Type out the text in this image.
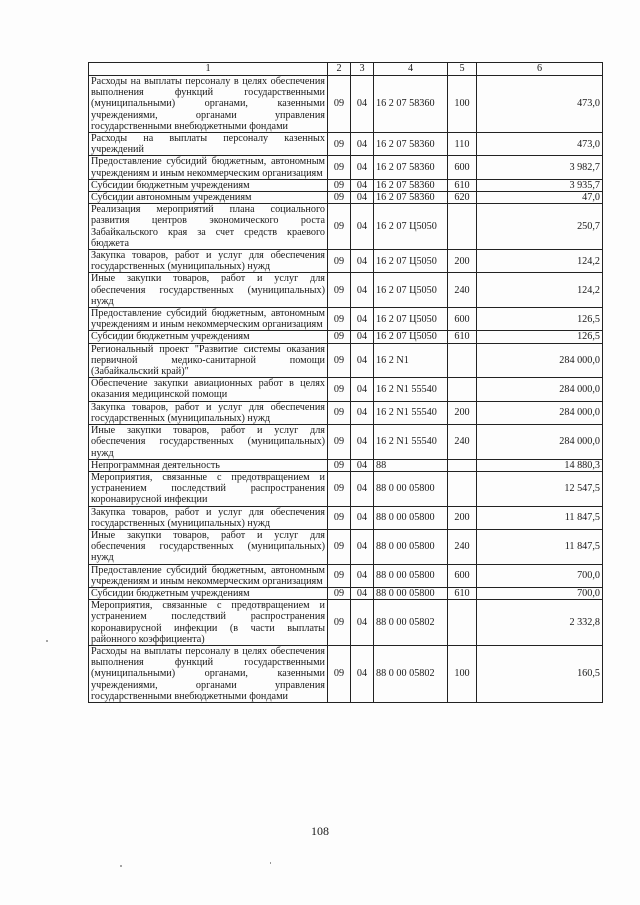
1	2	3	4	5	6
Расходы на выплаты персоналу в целях обеспечения выполнения функций государственными (муниципальными) органами, казенными учреждениями, органами управления государственными внебюджетными фондами	09	04	16 2 07 58360	100	473,0
Расходы на выплаты персоналу казенных учреждений	09	04	16 2 07 58360	110	473,0
Предоставление субсидий бюджетным, автономным учреждениям и иным некоммерческим организациям	09	04	16 2 07 58360	600	3 982,7
Субсидии бюджетным учреждениям	09	04	16 2 07 58360	610	3 935,7
Субсидии автономным учреждениям	09	04	16 2 07 58360	620	47,0
Реализация мероприятий плана социального развития центров экономического роста Забайкальского края за счет средств краевого бюджета	09	04	16 2 07 Ц5050		250,7
Закупка товаров, работ и услуг для обеспечения государственных (муниципальных) нужд	09	04	16 2 07 Ц5050	200	124,2
Иные закупки товаров, работ и услуг для обеспечения государственных (муниципальных) нужд	09	04	16 2 07 Ц5050	240	124,2
Предоставление субсидий бюджетным, автономным учреждениям и иным некоммерческим организациям	09	04	16 2 07 Ц5050	600	126,5
Субсидии бюджетным учреждениям	09	04	16 2 07 Ц5050	610	126,5
Региональный проект "Развитие системы оказания первичной медико-санитарной помощи (Забайкальский край)"	09	04	16 2 N1		284 000,0
Обеспечение закупки авиационных работ в целях оказания медицинской помощи	09	04	16 2 N1 55540		284 000,0
Закупка товаров, работ и услуг для обеспечения государственных (муниципальных) нужд	09	04	16 2 N1 55540	200	284 000,0
Иные закупки товаров, работ и услуг для обеспечения государственных (муниципальных) нужд	09	04	16 2 N1 55540	240	284 000,0
Непрограммная деятельность	09	04	88		14 880,3
Мероприятия, связанные с предотвращением и устранением последствий распространения коронавирусной инфекции	09	04	88 0 00 05800		12 547,5
Закупка товаров, работ и услуг для обеспечения государственных (муниципальных) нужд	09	04	88 0 00 05800	200	11 847,5
Иные закупки товаров, работ и услуг для обеспечения государственных (муниципальных) нужд	09	04	88 0 00 05800	240	11 847,5
Предоставление субсидий бюджетным, автономным учреждениям и иным некоммерческим организациям	09	04	88 0 00 05800	600	700,0
Субсидии бюджетным учреждениям	09	04	88 0 00 05800	610	700,0
Мероприятия, связанные с предотвращением и устранением последствий распространения коронавирусной инфекции (в части выплаты районного коэффициента)	09	04	88 0 00 05802		2 332,8
Расходы на выплаты персоналу в целях обеспечения выполнения функций государственными (муниципальными) органами, казенными учреждениями, органами управления государственными внебюджетными фондами	09	04	88 0 00 05802	100	160,5
108
